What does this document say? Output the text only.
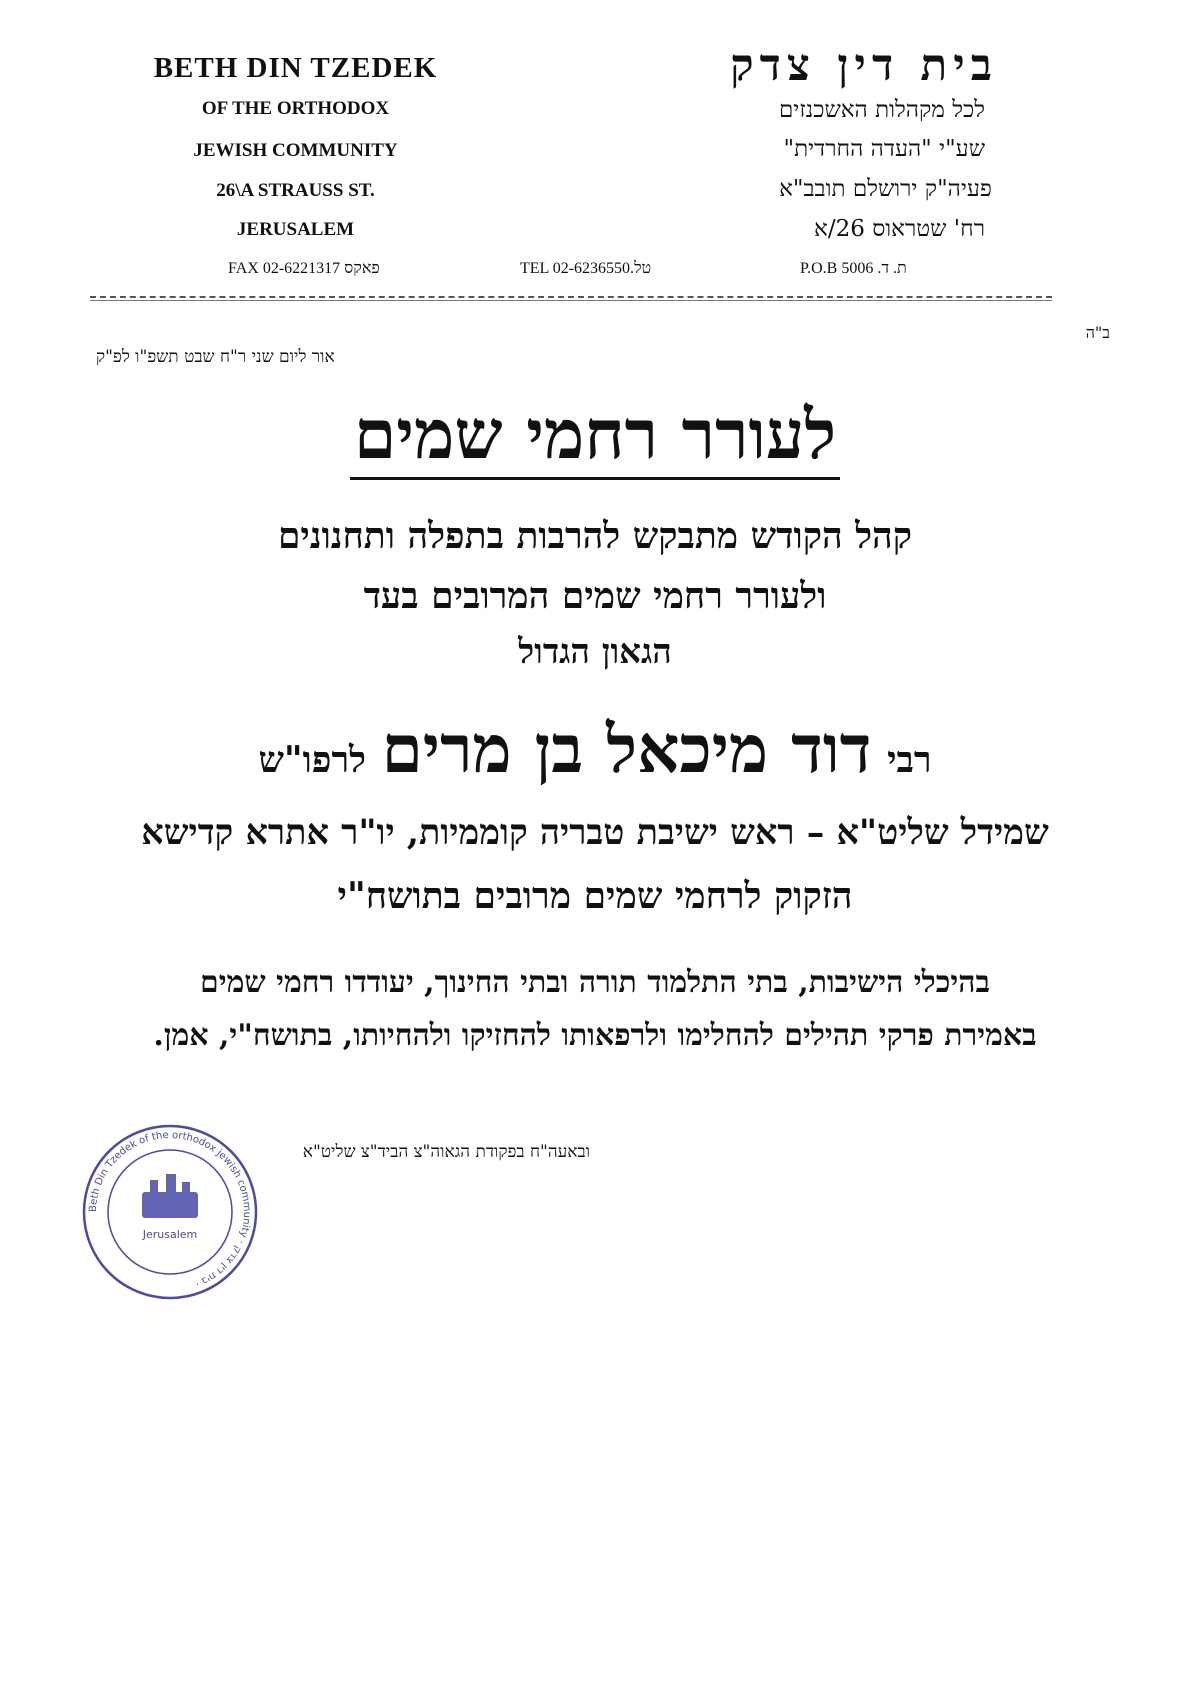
BETH DIN TZEDEK
OF THE ORTHODOX
JEWISH COMMUNITY
26\A STRAUSS ST.
JERUSALEM
בית דין צדק
לכל מקהלות האשכנזים
שע"י "העדה החרדית"
פעיה"ק ירושלם תובב"א
רח' שטראוס 26/א
FAX 02-6221317 פאקס	TEL 02-6236550.טל	P.O.B 5006 .ת. ד
ב"ה
אור ליום שני ר"ח שבט תשפ"ו לפ"ק
לעורר רחמי שמים
קהל הקודש מתבקש להרבות בתפלה ותחנונים
ולעורר רחמי שמים המרובים בעד
הגאון הגדול
רבי דוד מיכאל בן מרים לרפו"ש
שמידל שליט"א – ראש ישיבת טבריה קוממיות, יו"ר אתרא קדישא
הזקוק לרחמי שמים מרובים בתושח"י
בהיכלי הישיבות, בתי התלמוד תורה ובתי החינוך, יעודדו רחמי שמים
באמירת פרקי תהילים להחלימו ולרפאותו להחזיקו ולהחיותו, בתושח"י, אמן.
ובאעה"ח בפקודת הגאוה"צ הביד"צ שליט"א
Beth Din Tzedek of the orthodox jewish community · בית דין צדק ·
Jerusalem
